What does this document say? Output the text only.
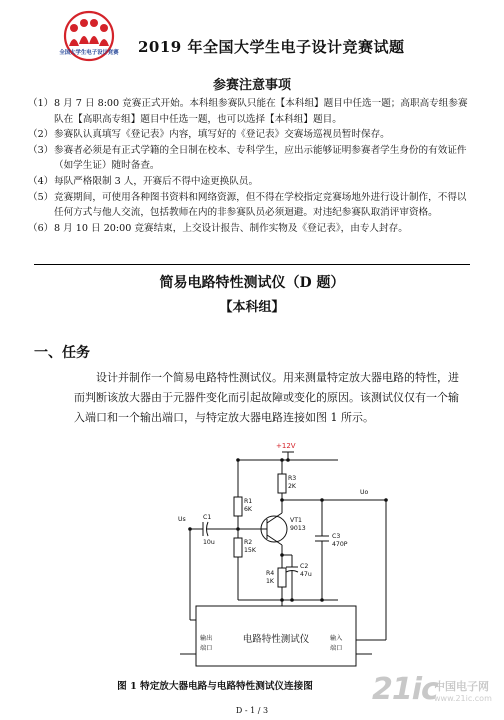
全国大学生电子设计竞赛 2019 年全国大学生电子设计竞赛试题
参赛注意事项

（1） 8 月 7 日 8:00 竞赛正式开始。本科组参赛队只能在【本科组】题目中任选一题；高职高专组参赛队在【高职高专组】题目中任选一题，也可以选择【本科组】题目。

（2） 参赛队认真填写《登记表》内容，填写好的《登记表》交赛场巡视员暂时保存。

（3） 参赛者必须是有正式学籍的全日制在校本、专科学生，应出示能够证明参赛者学生身份的有效证件（如学生证）随时备查。

（4） 每队严格限制 3 人，开赛后不得中途更换队员。

（5） 竞赛期间，可使用各种图书资料和网络资源，但不得在学校指定竞赛场地外进行设计制作，不得以任何方式与他人交流，包括教师在内的非参赛队员必须迴避。对违纪参赛队取消评审资格。

（6） 8 月 10 日 20:00 竞赛结束，上交设计报告、制作实物及《登记表》，由专人封存。

简易电路特性测试仪（D 题）
【本科组】
一、任务
设计并制作一个简易电路特性测试仪。用来测量特定放大器电路的特性，进而判断该放大器由于元器件变化而引起故障或变化的原因。该测试仪仅有一个输入端口和一个输出端口，与特定放大器电路连接如图 1 所示。
+12V
R3
2K
R1
6K
R2
15K
R4
1K
C1
10u
C2
47u
C3
470P
VT1
9013
Us
Uo
输出
端口
输入
端口
电路特性测试仪
图 1 特定放大器电路与电路特性测试仪连接图
D - 1 / 3
21ic
中国电子网
www.21ic.com
